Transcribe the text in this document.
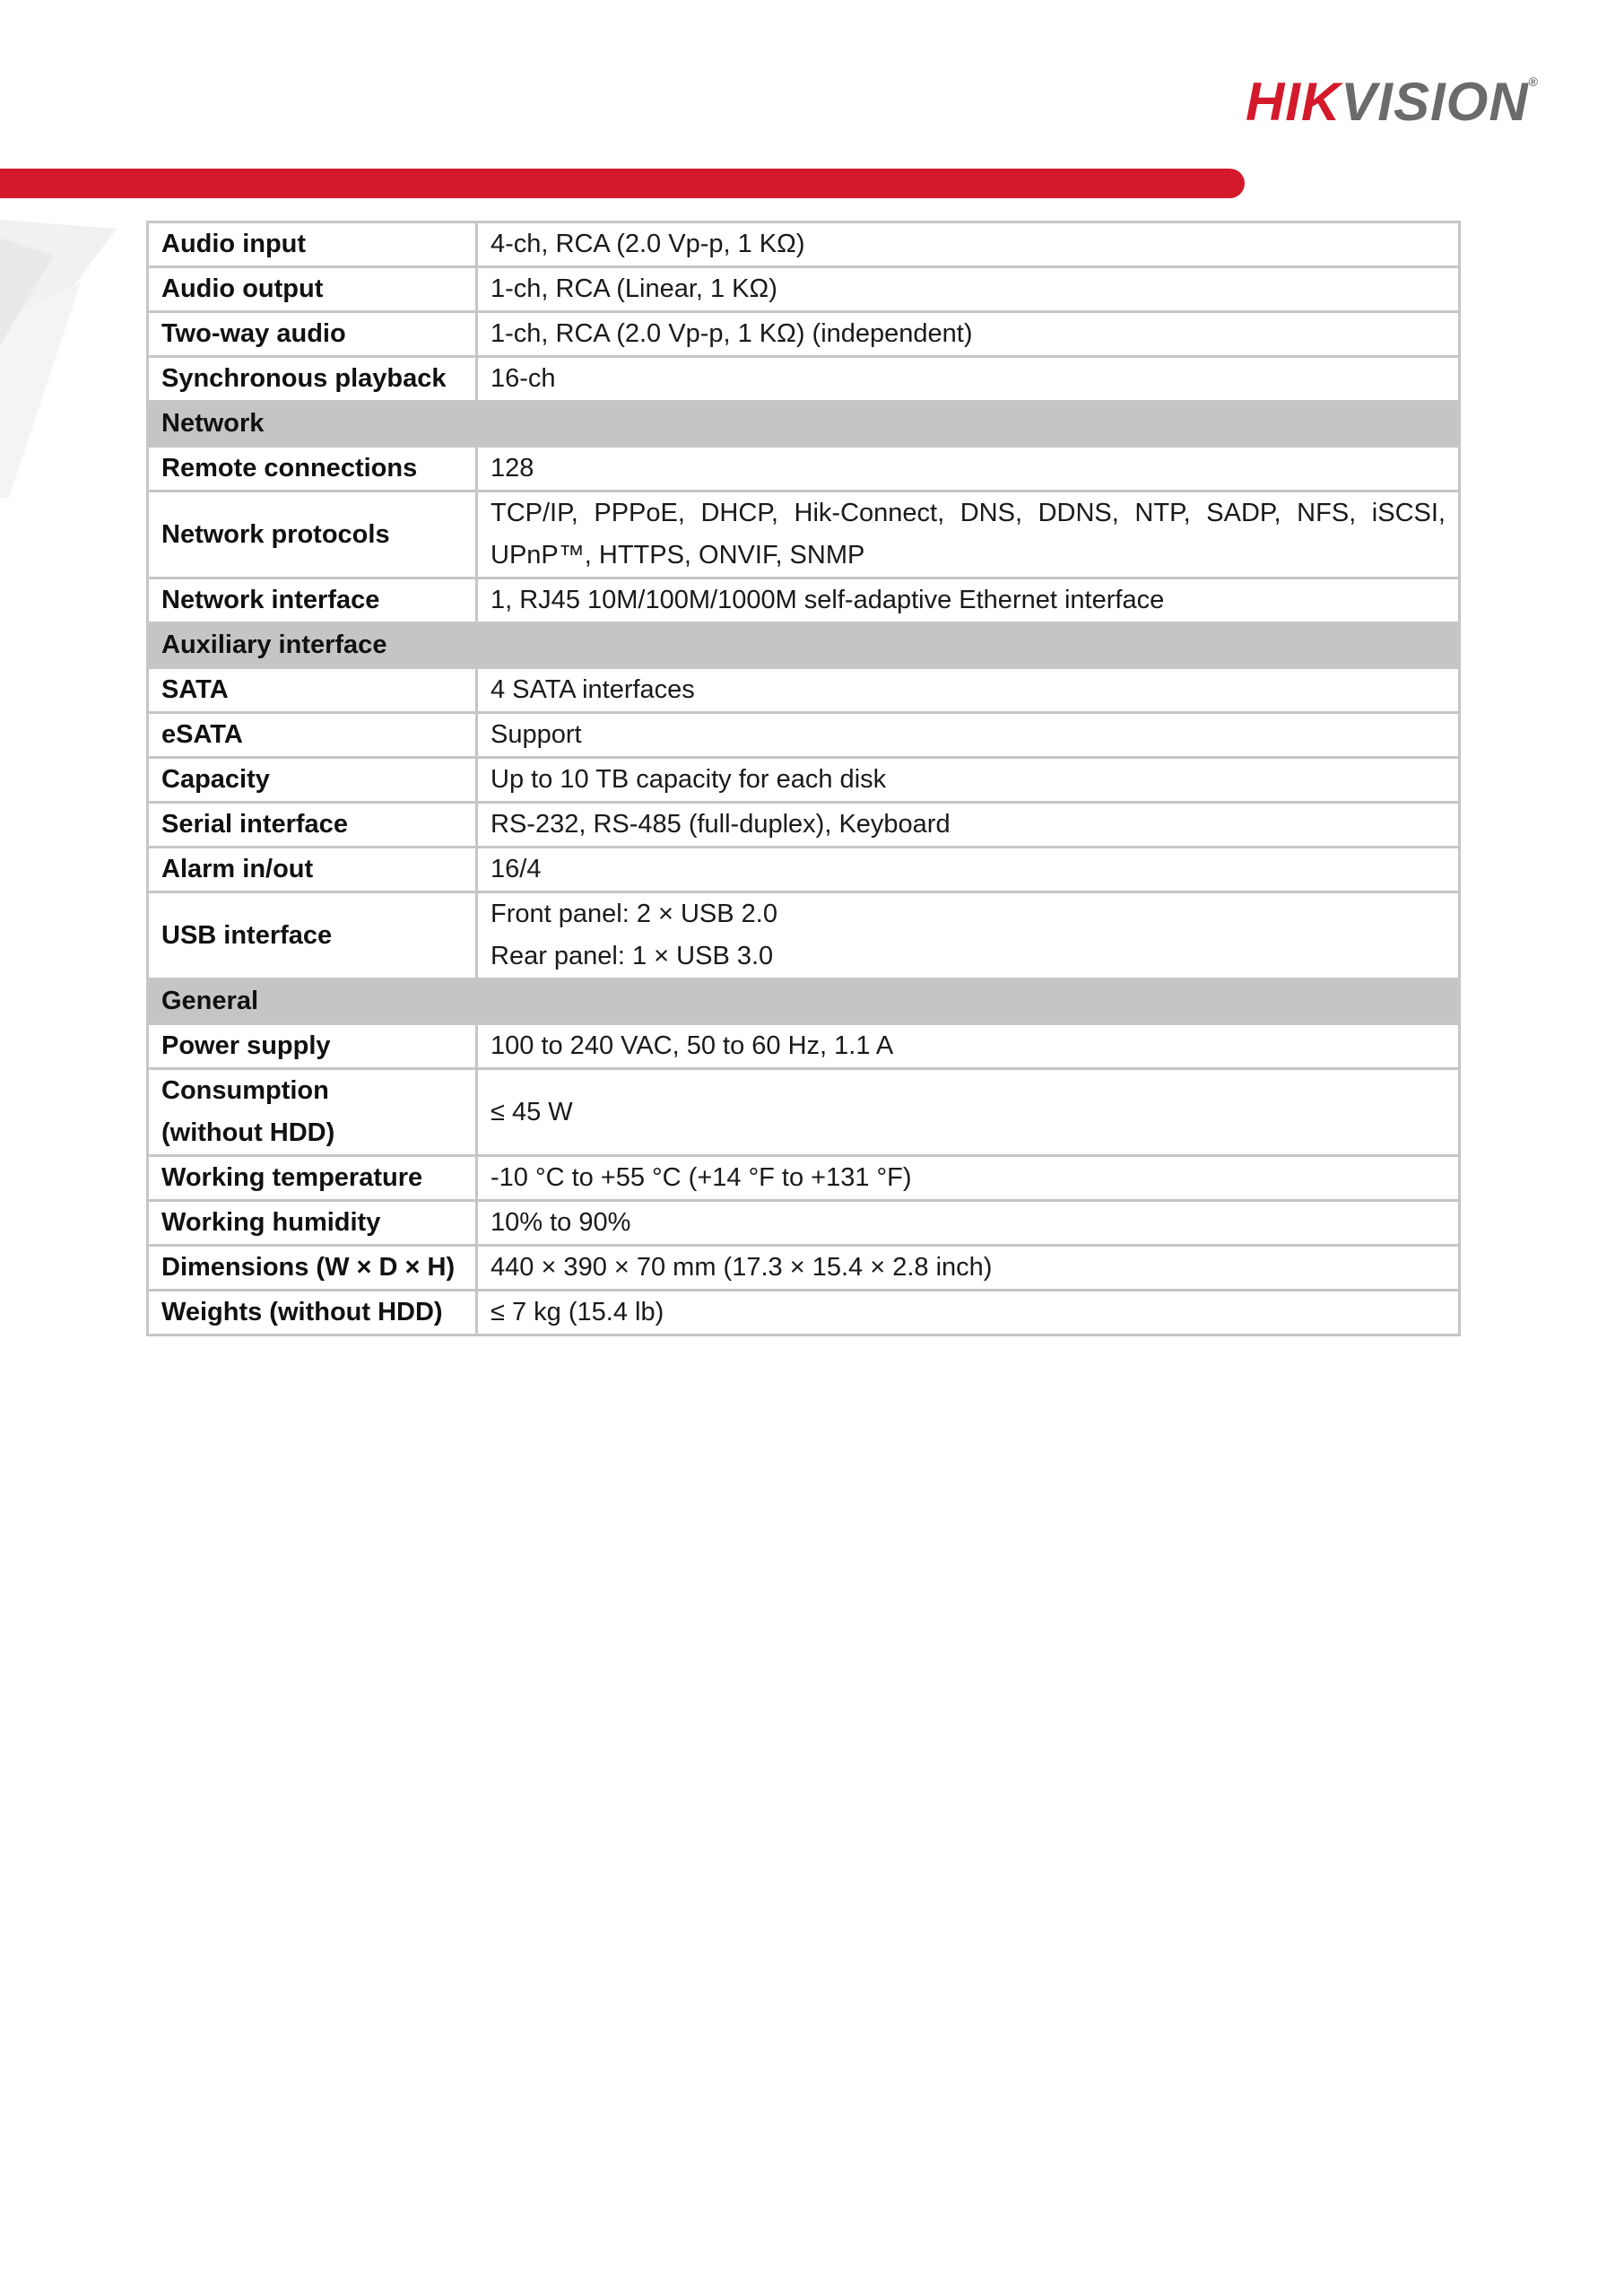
HIKVISION®
Audio input	4-ch, RCA (2.0 Vp-p, 1 KΩ)
Audio output	1-ch, RCA (Linear, 1 KΩ)
Two-way audio	1-ch, RCA (2.0 Vp-p, 1 KΩ) (independent)
Synchronous playback	16-ch
Network	
Remote connections	128
Network protocols	TCP/IP, PPPoE, DHCP, Hik-Connect, DNS, DDNS, NTP, SADP, NFS, iSCSI, UPnP™, HTTPS, ONVIF, SNMP
Network interface	1, RJ45 10M/100M/1000M self-adaptive Ethernet interface
Auxiliary interface	
SATA	4 SATA interfaces
eSATA	Support
Capacity	Up to 10 TB capacity for each disk
Serial interface	RS-232, RS-485 (full-duplex), Keyboard
Alarm in/out	16/4
USB interface	Front panel: 2 × USB 2.0
Rear panel: 1 × USB 3.0

General	
Power supply	100 to 240 VAC, 50 to 60 Hz, 1.1 A

Consumption
(without HDD)	≤ 45 W
Working temperature	-10 °C to +55 °C (+14 °F to +131 °F)
Working humidity	10% to 90%
Dimensions (W × D × H)	440 × 390 × 70 mm (17.3 × 15.4 × 2.8 inch)
Weights (without HDD)	≤ 7 kg (15.4 lb)
